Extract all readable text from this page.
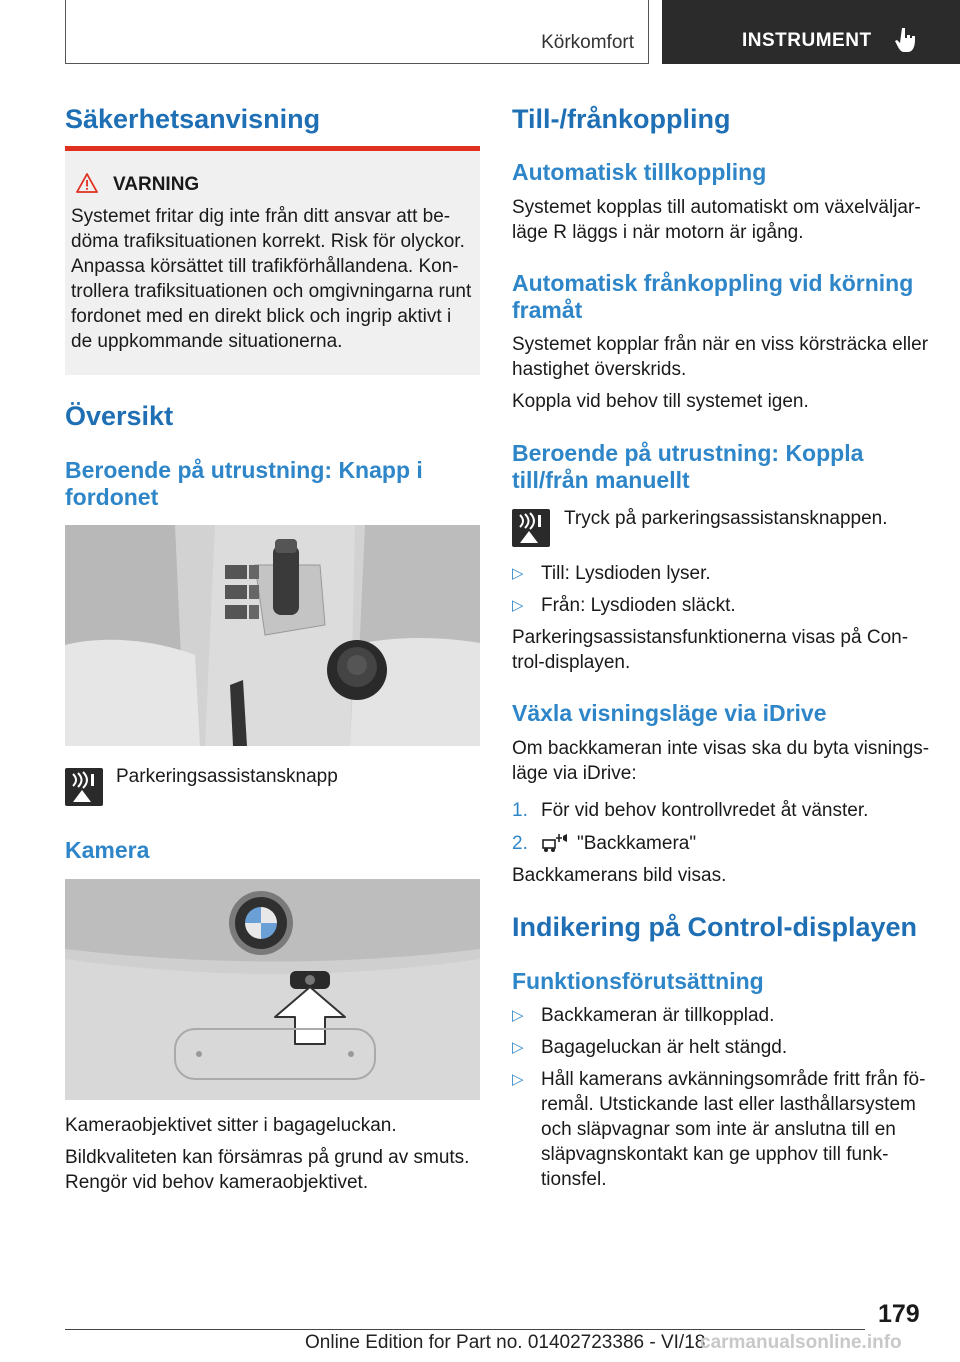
Körkomfort	INSTRUMENT
Säkerhetsanvisning
VARNING

Systemet fritar dig inte från ditt ansvar att bedöma trafiksituationen korrekt. Risk för olyckor. Anpassa körsättet till trafikförhållandena. Kontrollera trafiksituationen och omgivningarna runt fordonet med en direkt blick och ingrip aktivt i de uppkommande situationerna.

Översikt
Beroende på utrustning: Knapp i fordonet

Parkeringsassistansknapp

Kamera

Kameraobjektivet sitter i bagageluckan.

Bildkvaliteten kan försämras på grund av smuts. Rengör vid behov kameraobjektivet.

Till-/frånkoppling
Automatisk tillkoppling

Systemet kopplas till automatiskt om växelväljarläge R läggs i när motorn är igång.

Automatisk frånkoppling vid körning framåt

Systemet kopplar från när en viss körsträcka eller hastighet överskrids.

Koppla vid behov till systemet igen.

Beroende på utrustning: Koppla till/från manuellt

Tryck på parkeringsassistansknappen.

▷ Till: Lysdioden lyser.
▷ Från: Lysdioden släckt.

Parkeringsassistansfunktionerna visas på Control-displayen.

Växla visningsläge via iDrive

Om backkameran inte visas ska du byta visningsläge via iDrive:

1. För vid behov kontrollvredet åt vänster.
2.	"Backkamera"

Backkamerans bild visas.

Indikering på Control-displayen
Funktionsförutsättning
▷ Backkameran är tillkopplad.
▷ Bagageluckan är helt stängd.
▷ Håll kamerans avkänningsområde fritt från föremål. Utstickande last eller lasthållarsystem och släpvagnar som inte är anslutna till en släpvagnskontakt kan ge upphov till funktionsfel.
179
Online Edition for Part no. 01402723386 - VI/18
carmanualsonline.info
